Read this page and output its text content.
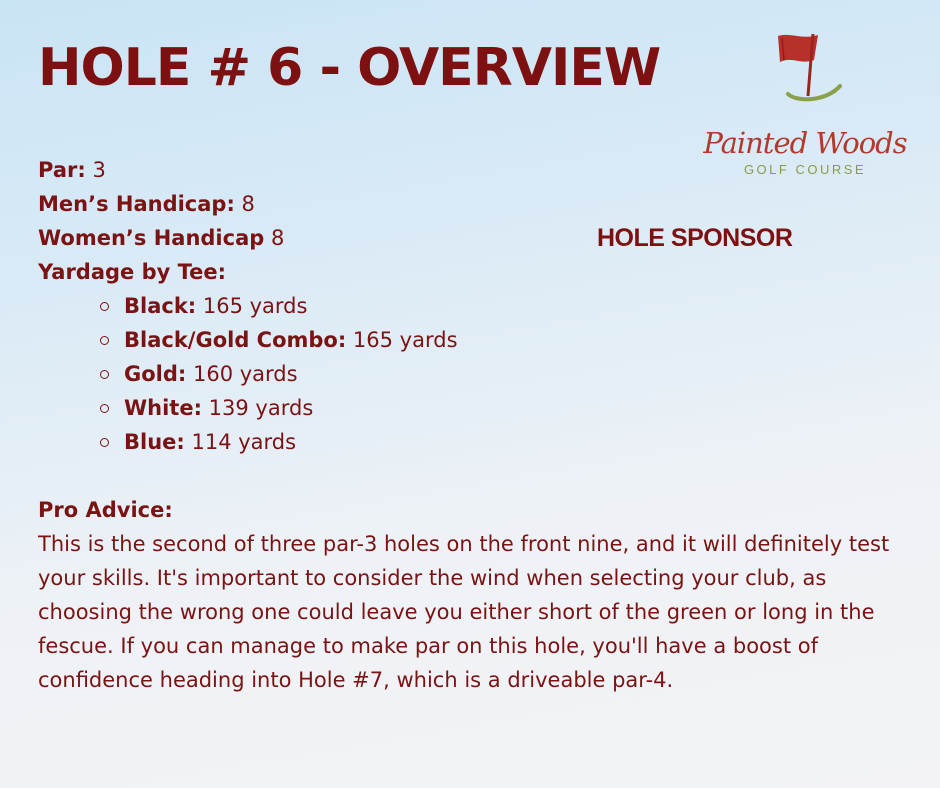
HOLE # 6 - OVERVIEW
Par: 3
Men’s Handicap: 8
Women’s Handicap 8
Yardage by Tee:
Black: 165 yards
Black/Gold Combo: 165 yards
Gold: 160 yards
White: 139 yards
Blue: 114 yards
Pro Advice:
This is the second of three par-3 holes on the front nine, and it will definitely test your skills. It's important to consider the wind when selecting your club, as choosing the wrong one could leave you either short of the green or long in the fescue. If you can manage to make par on this hole, you'll have a boost of confidence heading into Hole #7, which is a driveable par-4.
HOLE SPONSOR
Painted Woods
GOLF COURSE
